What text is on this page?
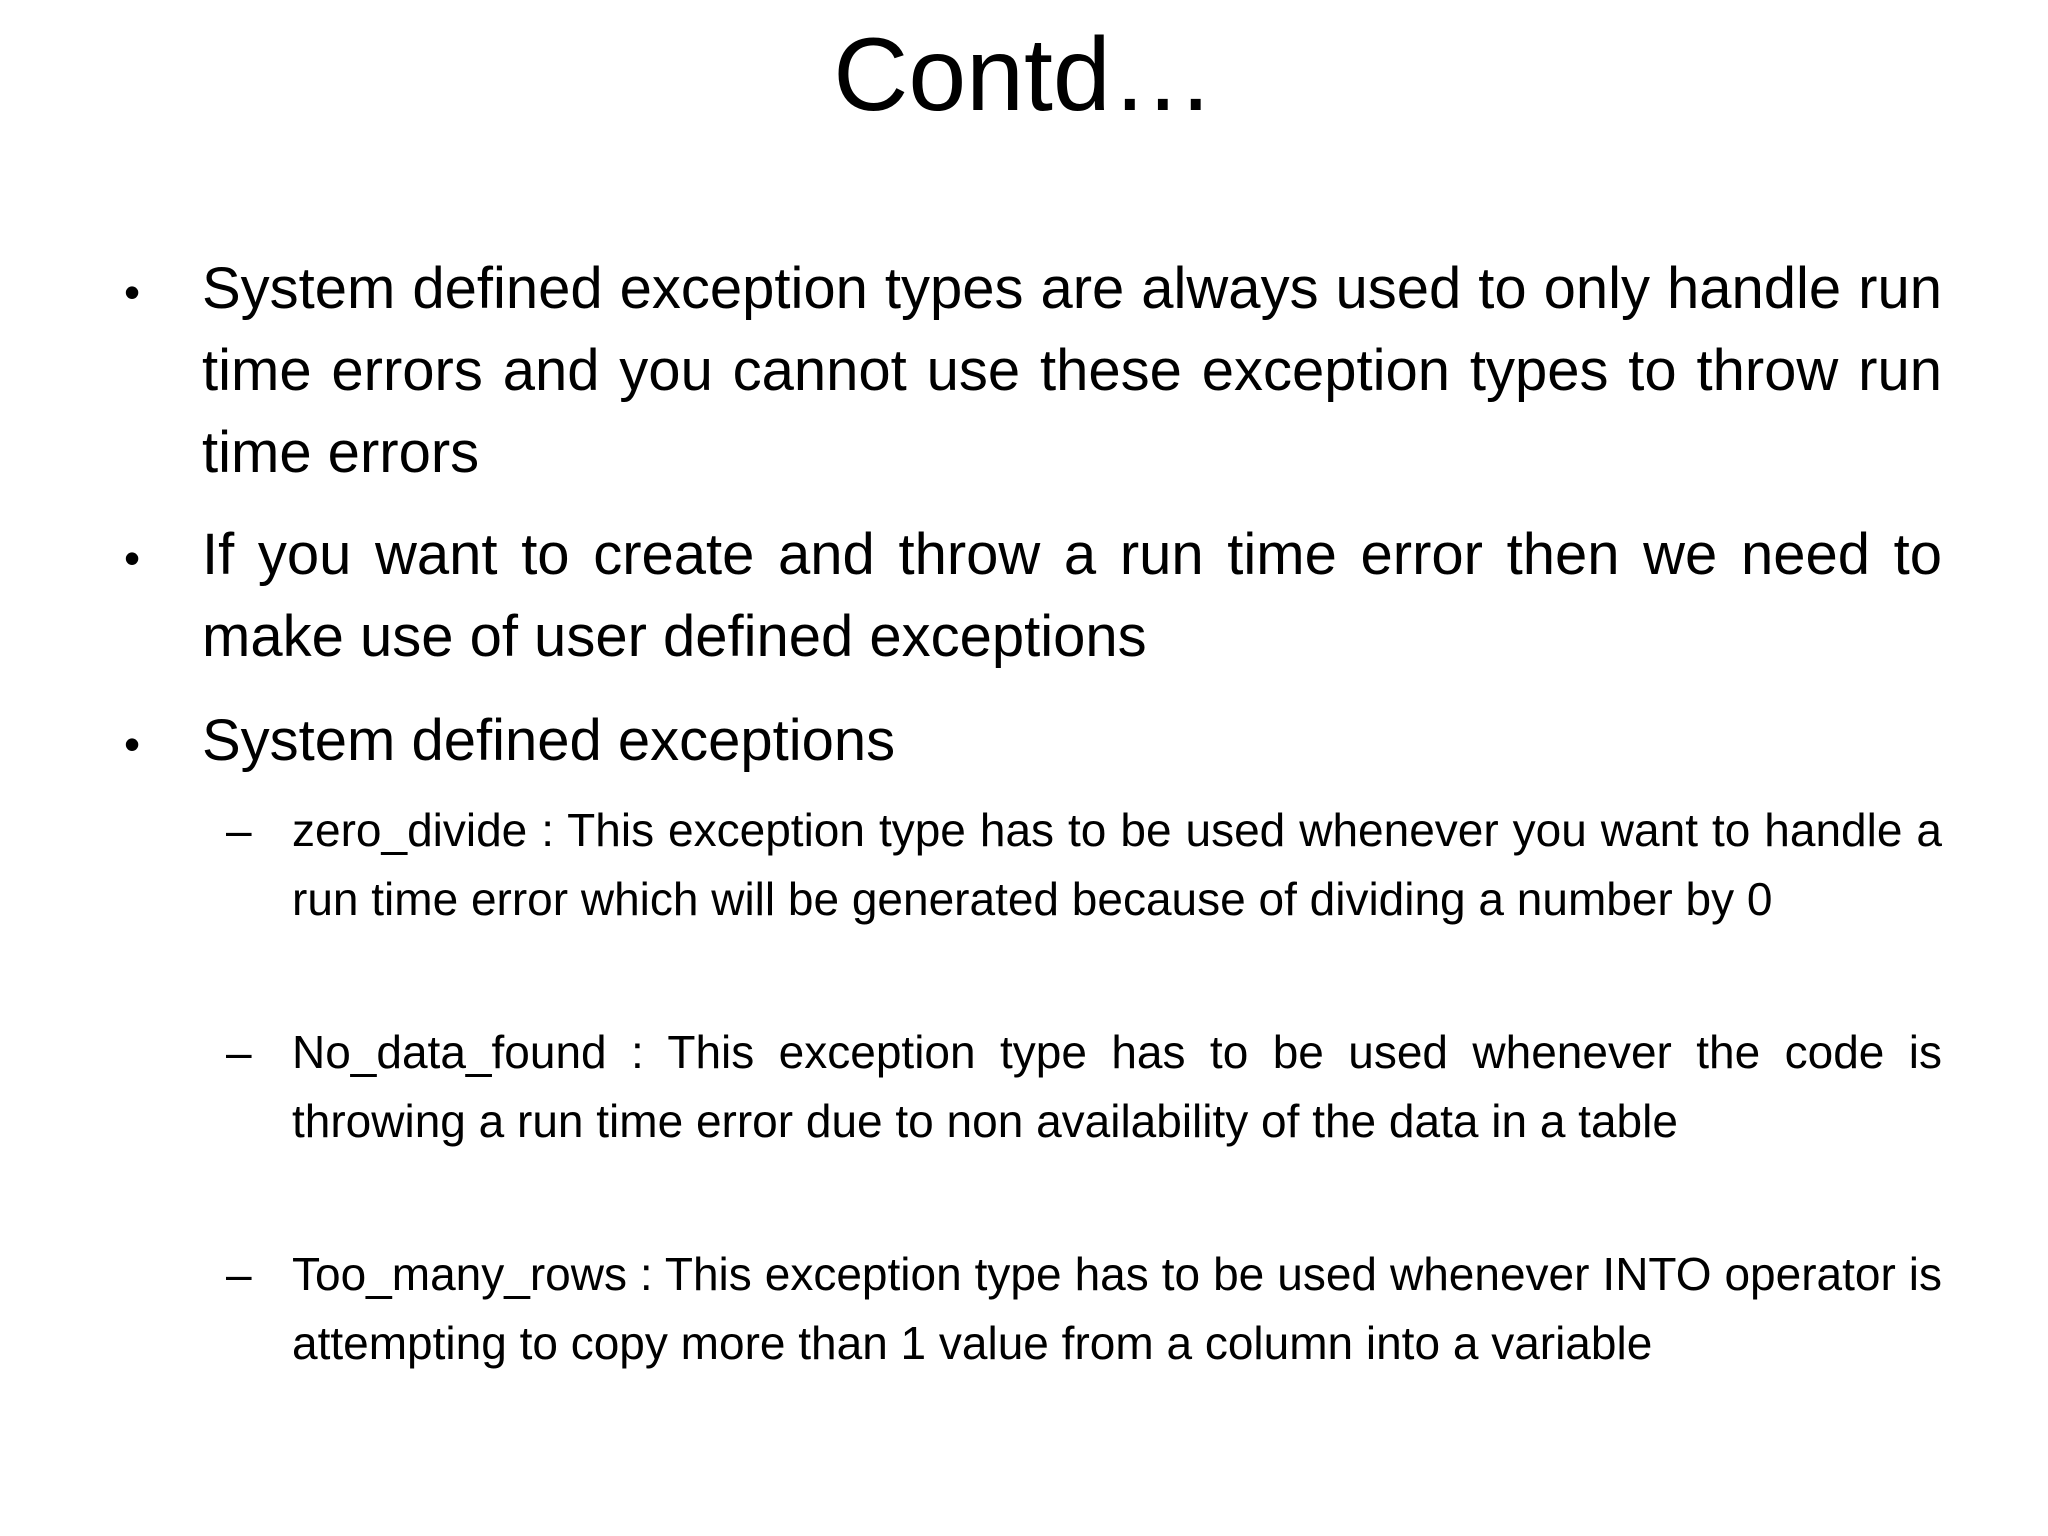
Contd…
• System defined exception types are always used to only handle run time errors and you cannot use these exception types to throw run time errors

• If you want to create and throw a run time error then we need to make use of user defined exceptions

• System defined exceptions

– zero_divide : This exception type has to be used whenever you want to handle a run time error which will be generated because of dividing a number by 0

– No_data_found : This exception type has to be used whenever the code is throwing a run time error due to non availability of the data in a table

– Too_many_rows : This exception type has to be used whenever INTO operator is attempting to copy more than 1 value from a column into a variable
